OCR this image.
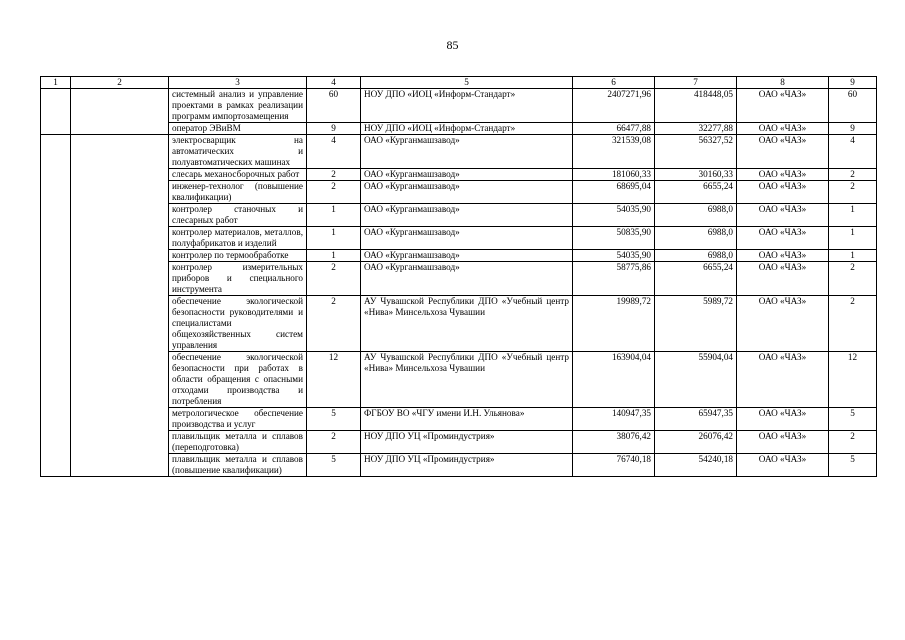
85
1	2	3	4	5	6	7	8	9
		системный анализ и управление проектами в рамках реализации программ импортозамещения	60	НОУ ДПО «ИОЦ «Информ-Стандарт»	2407271,96	418448,05	ОАО «ЧАЗ»	60
		оператор ЭВиВМ	9	НОУ ДПО «ИОЦ «Информ-Стандарт»	66477,88	32277,88	ОАО «ЧАЗ»	9
		электросварщик на автоматических и полуавтоматических машинах	4	ОАО «Курганмашзавод»	321539,08	56327,52	ОАО «ЧАЗ»	4
		слесарь механосборочных работ	2	ОАО «Курганмашзавод»	181060,33	30160,33	ОАО «ЧАЗ»	2
		инженер-технолог (повышение квалификации)	2	ОАО «Курганмашзавод»	68695,04	6655,24	ОАО «ЧАЗ»	2
		контролер станочных и слесарных работ	1	ОАО «Курганмашзавод»	54035,90	6988,0	ОАО «ЧАЗ»	1
		контролер материалов, металлов, полуфабрикатов и изделий	1	ОАО «Курганмашзавод»	50835,90	6988,0	ОАО «ЧАЗ»	1
		контролер по термообработке	1	ОАО «Курганмашзавод»	54035,90	6988,0	ОАО «ЧАЗ»	1
		контролер измерительных приборов и специального инструмента	2	ОАО «Курганмашзавод»	58775,86	6655,24	ОАО «ЧАЗ»	2
		обеспечение экологической безопасности руководителями и специалистами общехозяйственных систем управления	2	АУ Чувашской Республики ДПО «Учебный центр «Нива» Минсельхоза Чувашии	19989,72	5989,72	ОАО «ЧАЗ»	2
		обеспечение экологической безопасности при работах в области обращения с опасными отходами производства и потребления	12	АУ Чувашской Республики ДПО «Учебный центр «Нива» Минсельхоза Чувашии	163904,04	55904,04	ОАО «ЧАЗ»	12
		метрологическое обеспечение производства и услуг	5	ФГБОУ ВО «ЧГУ имени И.Н. Ульянова»	140947,35	65947,35	ОАО «ЧАЗ»	5
		плавильщик металла и сплавов (переподготовка)	2	НОУ ДПО УЦ «Проминдустрия»	38076,42	26076,42	ОАО «ЧАЗ»	2
		плавильщик металла и сплавов (повышение квалификации)	5	НОУ ДПО УЦ «Проминдустрия»	76740,18	54240,18	ОАО «ЧАЗ»	5
